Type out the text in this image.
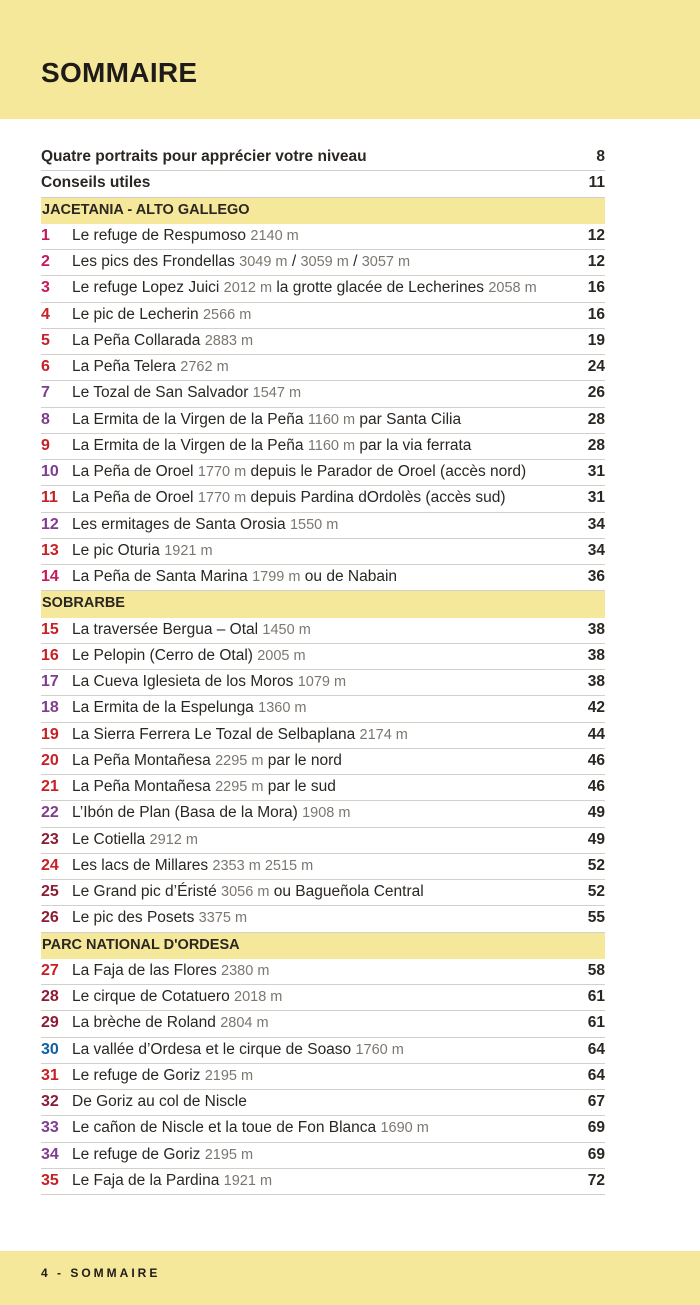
SOMMAIRE
Quatre portraits pour apprécier votre niveau	8
Conseils utiles	11
JACETANIA - ALTO GALLEGO
1 Le refuge de Respumoso 2140 m	12
2 Les pics des Frondellas 3049 m / 3059 m / 3057 m	12
3 Le refuge Lopez Juici 2012 m la grotte glacée de Lecherines 2058 m	16
4 Le pic de Lecherin 2566 m	16
5 La Peña Collarada 2883 m	19
6 La Peña Telera 2762 m	24
7 Le Tozal de San Salvador 1547 m	26
8 La Ermita de la Virgen de la Peña 1160 m par Santa Cilia	28
9 La Ermita de la Virgen de la Peña 1160 m par la via ferrata	28
10 La Peña de Oroel 1770 m depuis le Parador de Oroel (accès nord)	31
11 La Peña de Oroel 1770 m depuis Pardina dOrdolès (accès sud)	31
12 Les ermitages de Santa Orosia 1550 m	34
13 Le pic Oturia 1921 m	34
14 La Peña de Santa Marina 1799 m ou de Nabain	36
SOBRARBE
15 La traversée Bergua – Otal 1450 m	38
16 Le Pelopin (Cerro de Otal) 2005 m	38
17 La Cueva Iglesieta de los Moros 1079 m	38
18 La Ermita de la Espelunga 1360 m	42
19 La Sierra Ferrera Le Tozal de Selbaplana 2174 m	44
20 La Peña Montañesa 2295 m par le nord	46
21 La Peña Montañesa 2295 m par le sud	46
22 L’Ibón de Plan (Basa de la Mora) 1908 m	49
23 Le Cotiella 2912 m	49
24 Les lacs de Millares 2353 m 2515 m	52
25 Le Grand pic d’Éristé 3056 m ou Bagueñola Central	52
26 Le pic des Posets 3375 m	55
PARC NATIONAL D'ORDESA
27 La Faja de las Flores 2380 m	58
28 Le cirque de Cotatuero 2018 m	61
29 La brèche de Roland 2804 m	61
30 La vallée d’Ordesa et le cirque de Soaso 1760 m	64
31 Le refuge de Goriz 2195 m	64
32 De Goriz au col de Niscle	67
33 Le cañon de Niscle et la toue de Fon Blanca 1690 m	69
34 Le refuge de Goriz 2195 m	69
35 Le Faja de la Pardina 1921 m	72
4 - SOMMAIRE
